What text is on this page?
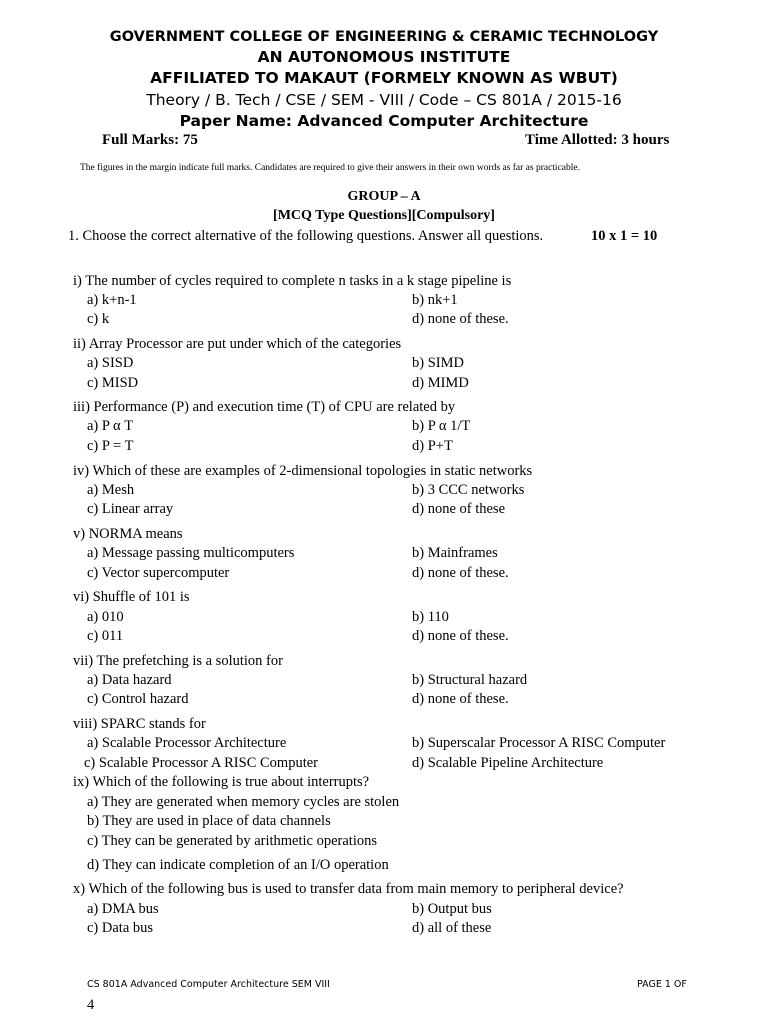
GOVERNMENT COLLEGE OF ENGINEERING & CERAMIC TECHNOLOGY
AN AUTONOMOUS INSTITUTE
AFFILIATED TO MAKAUT (FORMELY KNOWN AS WBUT)
Theory / B. Tech / CSE / SEM - VIII / Code – CS 801A / 2015-16
Paper Name: Advanced Computer Architecture
Full Marks: 75	Time Allotted: 3 hours
The figures in the margin indicate full marks. Candidates are required to give their answers in their own words as far as practicable.
GROUP – A
[MCQ Type Questions][Compulsory]
1. Choose the correct alternative of the following questions. Answer all questions.	10 x 1 = 10
i) The number of cycles required to complete n tasks in a k stage pipeline is
a) k+n-1	b) nk+1
c) k	d) none of these.
ii) Array Processor are put under which of the categories
a) SISD	b) SIMD
c) MISD	d) MIMD
iii) Performance (P) and execution time (T) of CPU are related by
a) P α T	b) P α 1/T
c) P = T	d) P+T
iv) Which of these are examples of 2-dimensional topologies in static networks
a) Mesh	b) 3 CCC networks
c) Linear array	d) none of these
v) NORMA means
a) Message passing multicomputers	b) Mainframes
c) Vector supercomputer	d) none of these.
vi) Shuffle of 101 is
a) 010	b) 110
c) 011	d) none of these.
vii) The prefetching is a solution for
a) Data hazard	b) Structural hazard
c) Control hazard	d) none of these.
viii) SPARC stands for
a) Scalable Processor Architecture	b) Superscalar Processor A RISC Computer
c) Scalable Processor A RISC Computer	d) Scalable Pipeline Architecture
ix) Which of the following is true about interrupts?
a) They are generated when memory cycles are stolen
b) They are used in place of data channels
c) They can be generated by arithmetic operations
d) They can indicate completion of an I/O operation
x) Which of the following bus is used to transfer data from main memory to peripheral device?
a) DMA bus	b) Output bus
c) Data bus	d) all of these
CS 801A Advanced Computer Architecture SEM VIII	PAGE 1 OF
4
